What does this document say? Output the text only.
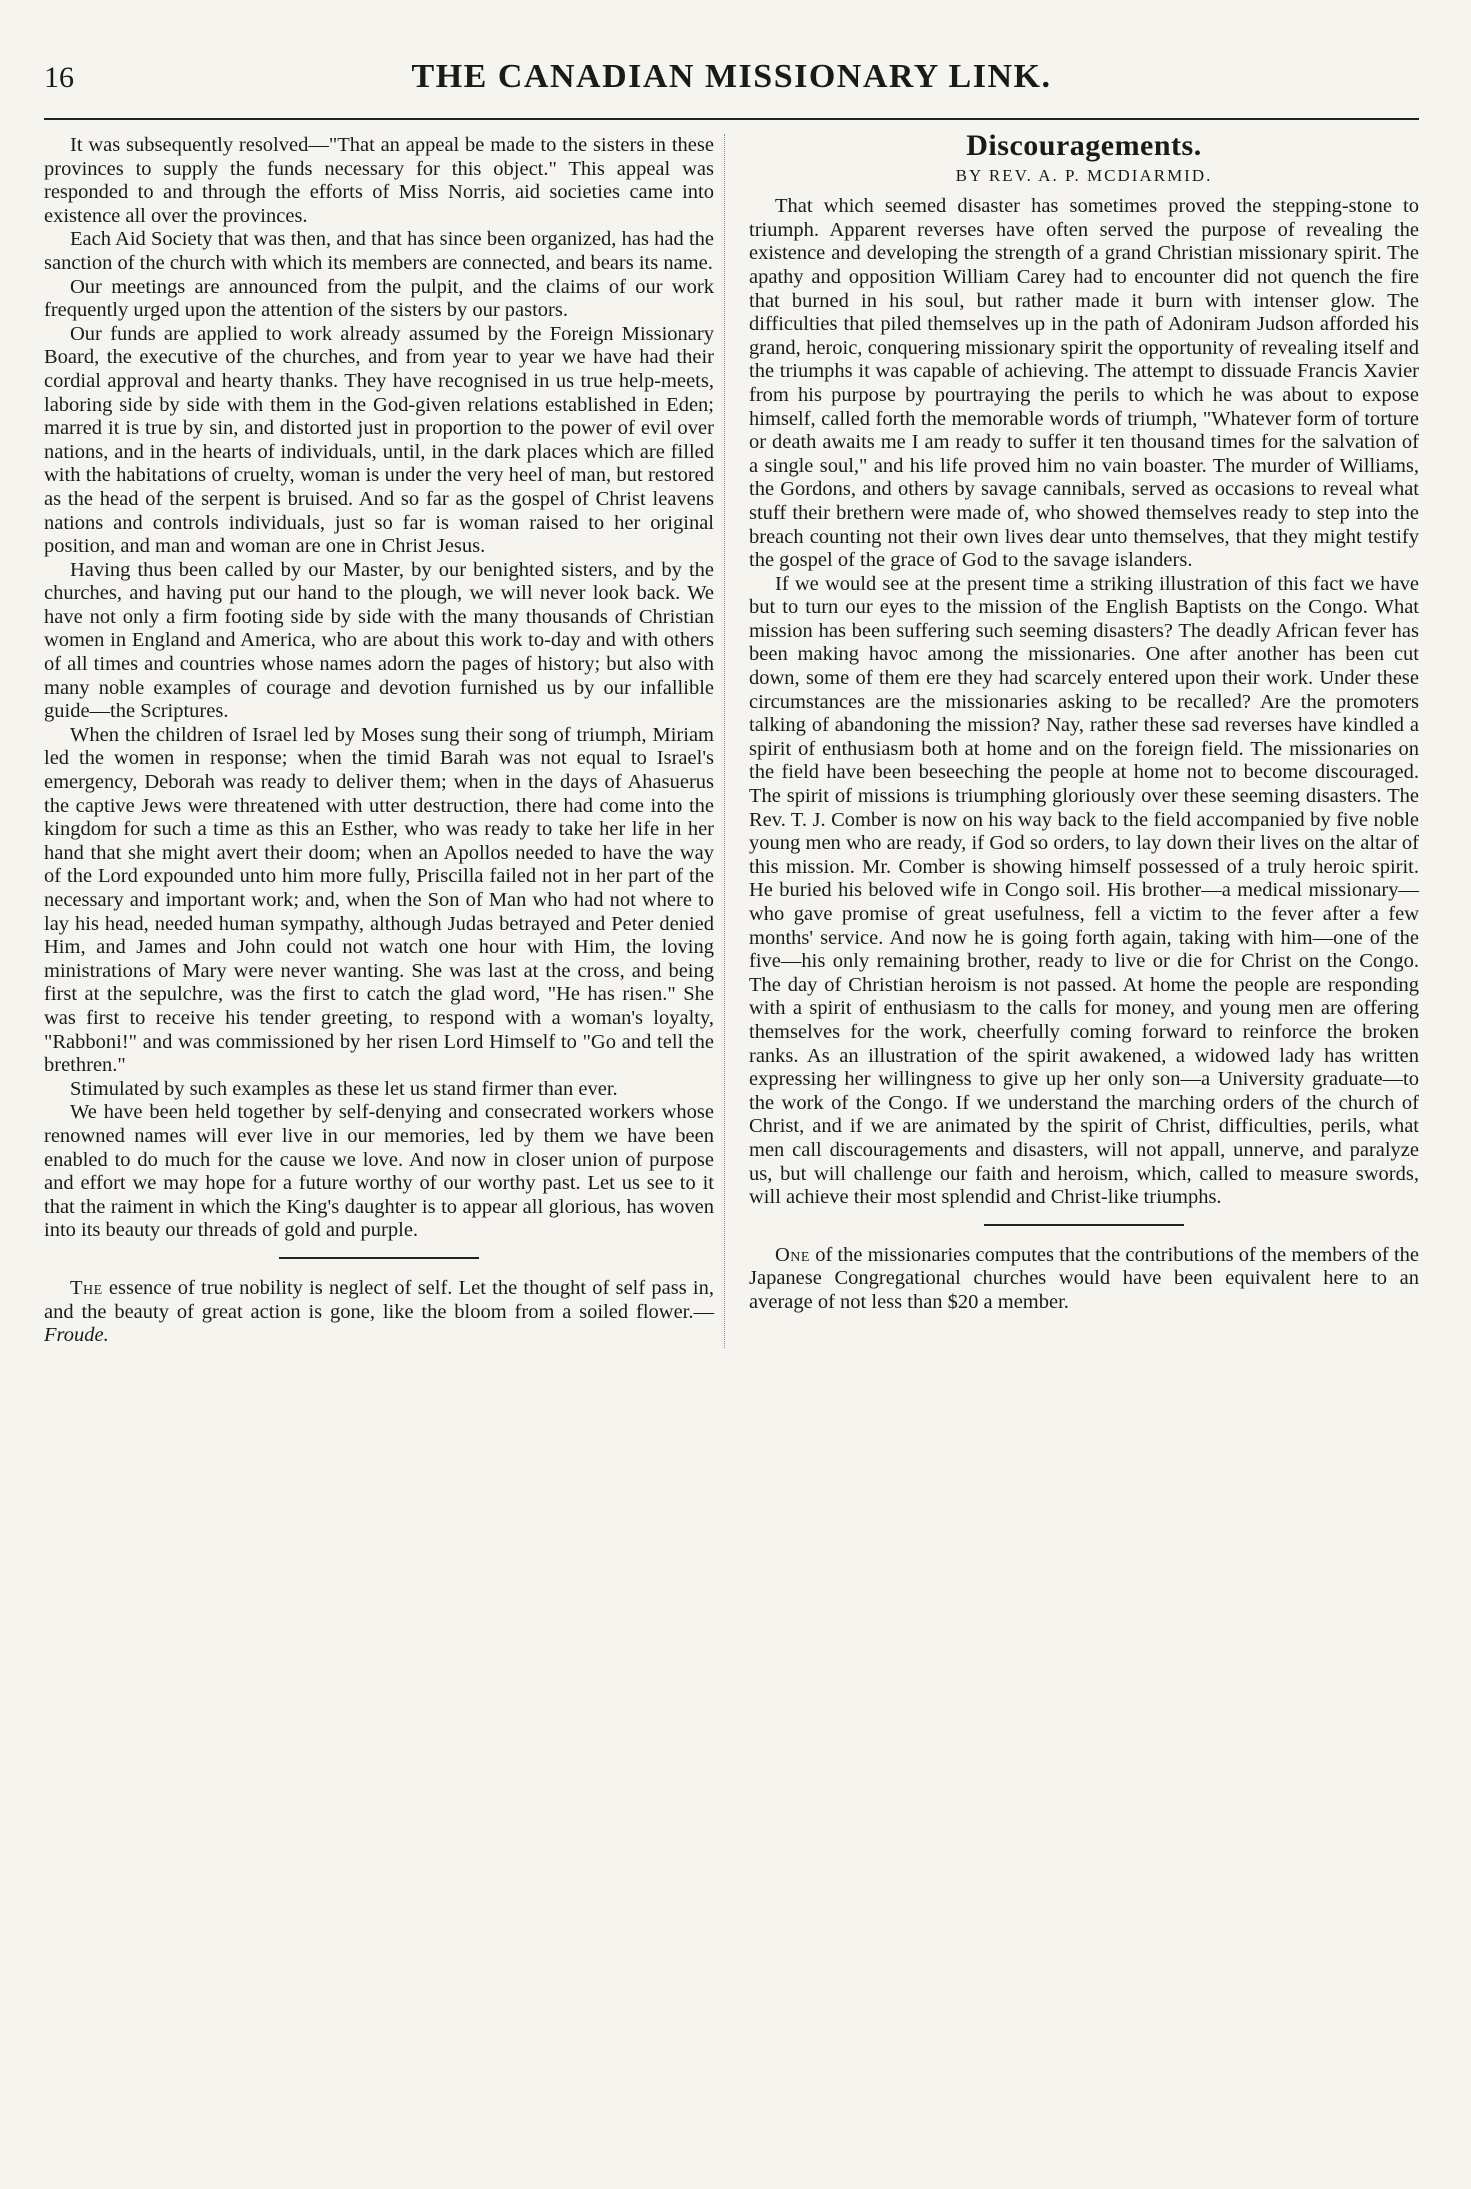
16	THE CANADIAN MISSIONARY LINK.

It was subsequently resolved—"That an appeal be made to the sisters in these provinces to supply the funds necessary for this object." This appeal was responded to and through the efforts of Miss Norris, aid societies came into existence all over the provinces.

Each Aid Society that was then, and that has since been organized, has had the sanction of the church with which its members are connected, and bears its name.

Our meetings are announced from the pulpit, and the claims of our work frequently urged upon the attention of the sisters by our pastors.

Our funds are applied to work already assumed by the Foreign Missionary Board, the executive of the churches, and from year to year we have had their cordial approval and hearty thanks. They have recognised in us true help-meets, laboring side by side with them in the God-given relations established in Eden; marred it is true by sin, and distorted just in proportion to the power of evil over nations, and in the hearts of individuals, until, in the dark places which are filled with the habitations of cruelty, woman is under the very heel of man, but restored as the head of the serpent is bruised. And so far as the gospel of Christ leavens nations and controls individuals, just so far is woman raised to her original position, and man and woman are one in Christ Jesus.

Having thus been called by our Master, by our benighted sisters, and by the churches, and having put our hand to the plough, we will never look back. We have not only a firm footing side by side with the many thousands of Christian women in England and America, who are about this work to-day and with others of all times and countries whose names adorn the pages of history; but also with many noble examples of courage and devotion furnished us by our infallible guide—the Scriptures.

When the children of Israel led by Moses sung their song of triumph, Miriam led the women in response; when the timid Barah was not equal to Israel's emergency, Deborah was ready to deliver them; when in the days of Ahasuerus the captive Jews were threatened with utter destruction, there had come into the kingdom for such a time as this an Esther, who was ready to take her life in her hand that she might avert their doom; when an Apollos needed to have the way of the Lord expounded unto him more fully, Priscilla failed not in her part of the necessary and important work; and, when the Son of Man who had not where to lay his head, needed human sympathy, although Judas betrayed and Peter denied Him, and James and John could not watch one hour with Him, the loving ministrations of Mary were never wanting. She was last at the cross, and being first at the sepulchre, was the first to catch the glad word, "He has risen." She was first to receive his tender greeting, to respond with a woman's loyalty, "Rabboni!" and was commissioned by her risen Lord Himself to "Go and tell the brethren."

Stimulated by such examples as these let us stand firmer than ever.

We have been held together by self-denying and consecrated workers whose renowned names will ever live in our memories, led by them we have been enabled to do much for the cause we love. And now in closer union of purpose and effort we may hope for a future worthy of our worthy past. Let us see to it that the raiment in which the King's daughter is to appear all glorious, has woven into its beauty our threads of gold and purple.

The essence of true nobility is neglect of self. Let the thought of self pass in, and the beauty of great action is gone, like the bloom from a soiled flower.—Froude.

Discouragements.
BY REV. A. P. MCDIARMID.

That which seemed disaster has sometimes proved the stepping-stone to triumph. Apparent reverses have often served the purpose of revealing the existence and developing the strength of a grand Christian missionary spirit. The apathy and opposition William Carey had to encounter did not quench the fire that burned in his soul, but rather made it burn with intenser glow. The difficulties that piled themselves up in the path of Adoniram Judson afforded his grand, heroic, conquering missionary spirit the opportunity of revealing itself and the triumphs it was capable of achieving. The attempt to dissuade Francis Xavier from his purpose by pourtraying the perils to which he was about to expose himself, called forth the memorable words of triumph, "Whatever form of torture or death awaits me I am ready to suffer it ten thousand times for the salvation of a single soul," and his life proved him no vain boaster. The murder of Williams, the Gordons, and others by savage cannibals, served as occasions to reveal what stuff their brethern were made of, who showed themselves ready to step into the breach counting not their own lives dear unto themselves, that they might testify the gospel of the grace of God to the savage islanders.

If we would see at the present time a striking illustration of this fact we have but to turn our eyes to the mission of the English Baptists on the Congo. What mission has been suffering such seeming disasters? The deadly African fever has been making havoc among the missionaries. One after another has been cut down, some of them ere they had scarcely entered upon their work. Under these circumstances are the missionaries asking to be recalled? Are the promoters talking of abandoning the mission? Nay, rather these sad reverses have kindled a spirit of enthusiasm both at home and on the foreign field. The missionaries on the field have been beseeching the people at home not to become discouraged. The spirit of missions is triumphing gloriously over these seeming disasters. The Rev. T. J. Comber is now on his way back to the field accompanied by five noble young men who are ready, if God so orders, to lay down their lives on the altar of this mission. Mr. Comber is showing himself possessed of a truly heroic spirit. He buried his beloved wife in Congo soil. His brother—a medical missionary—who gave promise of great usefulness, fell a victim to the fever after a few months' service. And now he is going forth again, taking with him—one of the five—his only remaining brother, ready to live or die for Christ on the Congo. The day of Christian heroism is not passed. At home the people are responding with a spirit of enthusiasm to the calls for money, and young men are offering themselves for the work, cheerfully coming forward to reinforce the broken ranks. As an illustration of the spirit awakened, a widowed lady has written expressing her willingness to give up her only son—a University graduate—to the work of the Congo. If we understand the marching orders of the church of Christ, and if we are animated by the spirit of Christ, difficulties, perils, what men call discouragements and disasters, will not appall, unnerve, and paralyze us, but will challenge our faith and heroism, which, called to measure swords, will achieve their most splendid and Christ-like triumphs.

One of the missionaries computes that the contributions of the members of the Japanese Congregational churches would have been equivalent here to an average of not less than $20 a member.
